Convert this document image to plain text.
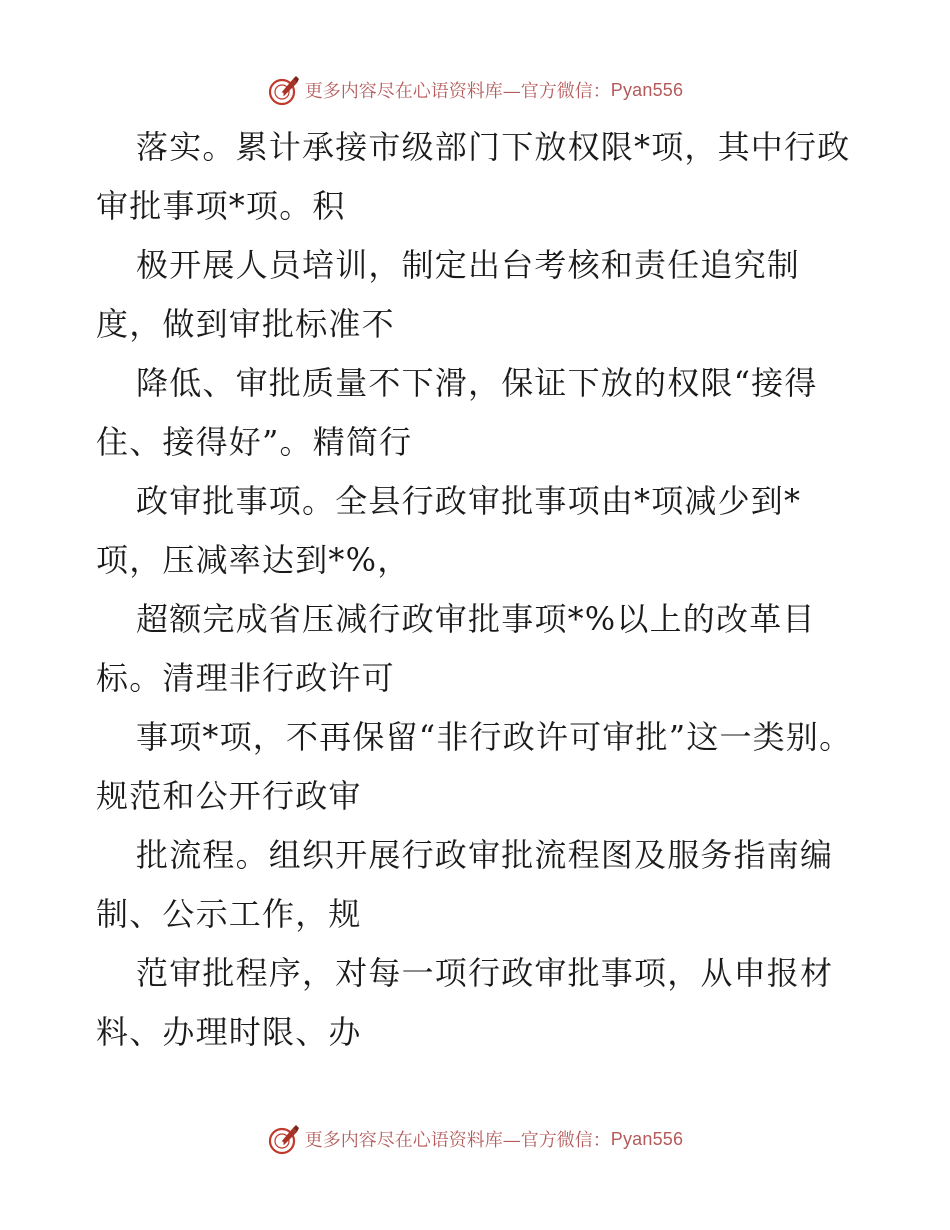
更多内容尽在心语资料库—官方微信： Pyan556

落实。累计承接市级部门下放权限*项，其中行政审批事项*项。积

极开展人员培训，制定出台考核和责任追究制度，做到审批标准不

降低、审批质量不下滑，保证下放的权限“接得住、接得好”。精简行

政审批事项。全县行政审批事项由*项减少到*项，压减率达到*%，

超额完成省压减行政审批事项*%以上的改革目标。清理非行政许可

事项*项，不再保留“非行政许可审批”这一类别。规范和公开行政审

批流程。组织开展行政审批流程图及服务指南编制、公示工作，规

范审批程序，对每一项行政审批事项，从申报材料、办理时限、办

更多内容尽在心语资料库—官方微信： Pyan556
